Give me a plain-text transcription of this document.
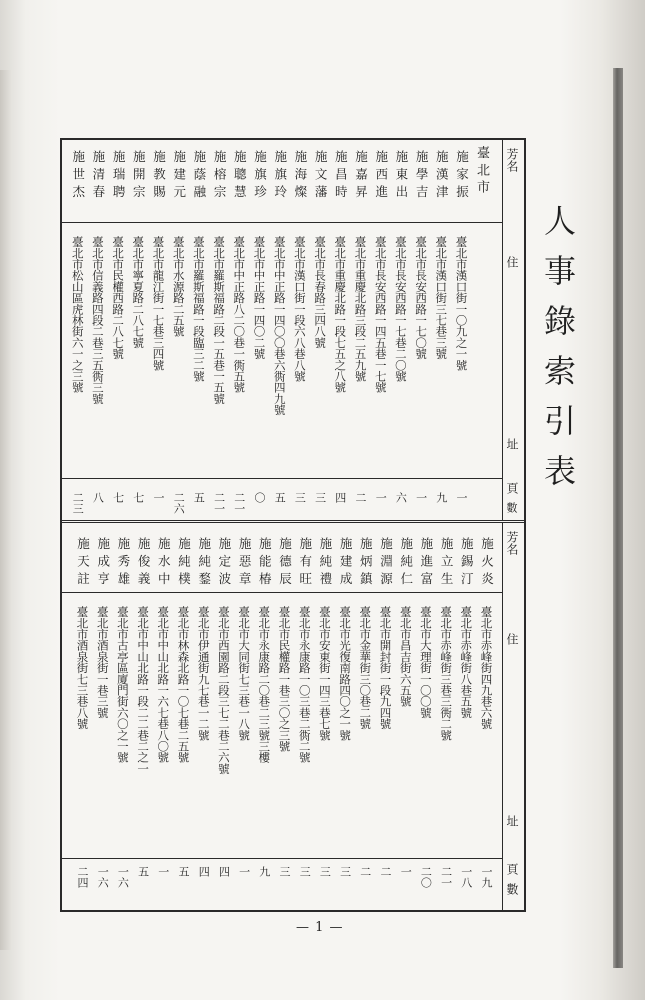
人事錄索引表
芳名
住
址
頁
數
芳名
住
址
頁
數
臺北市
施家振
臺北市漢口街一〇九之一號
一
施漢津
臺北市漢口街三七巷三號
九
施學吉
臺北市長安西路一七〇號
一
施東出
臺北市長安西路一七巷二〇號
六
施西進
臺北市長安西路一四五巷一七號
一
施嘉昇
臺北市重慶北路三段二五九號
二
施昌時
臺北市重慶北路一段七五之八號
四
施文藩
臺北市長春路三四八號
三
施海燦
臺北市漢口街一段六八巷八號
三
施旗玲
臺北市中正路一四〇〇巷六衖四九號
五
施旗珍
臺北市中正路一四〇二號
〇
施聰慧
臺北市中正路八二〇巷一衖五號
二一
施榕宗
臺北市羅斯福路二段一五巷一五號
二一
施蔭融
臺北市羅斯福路一段臨三二號
五
施建元
臺北市水源路二五號
二六
施教賜
臺北市龍江街一七巷三四號
一
施開宗
臺北市寧夏路二八七號
七
施瑞聘
臺北市民權西路二八七號
七
施清春
臺北市信義路四段二巷三五衖三號
八
施世杰
臺北市松山區虎林街六一之三號
二三
施火炎
臺北市赤峰街四九巷六號
一九
施錫汀
臺北市赤峰街八巷五號
一八
施立生
臺北市赤峰街三巷三衖二號
二一
施進富
臺北市大理街一〇〇號
二〇
施純仁
臺北市昌吉街六五號
一
施淵源
臺北市開封街一段九四號
二
施炳鎮
臺北市金華街三〇巷二號
二
施建成
臺北市光復南路四〇之一號
三
施純禮
臺北市安東街一四三巷七號
三
施有旺
臺北市永康路一〇三巷二衖二號
三
施德辰
臺北市民權路一巷三〇之三號
三
施能椿
臺北市永康路二〇巷二三號三樓
九
施惡章
臺北市大同街七三巷一八號
一
施定波
臺北市西園路二段三七二巷二六號
四
施純鍪
臺北市伊通街九七巷一二號
四
施純樸
臺北市林森北路一〇七巷二五號
五
施水中
臺北市中山北路一六七巷八〇號
一
施俊義
臺北市中山北路一段二二巷二之一
五
施秀雄
臺北市古亭區廈門街六〇之一號
一六
施成亨
臺北市酒泉街一巷三號
一六
施天註
臺北市酒泉街七三巷八號
二四
— 1 —
